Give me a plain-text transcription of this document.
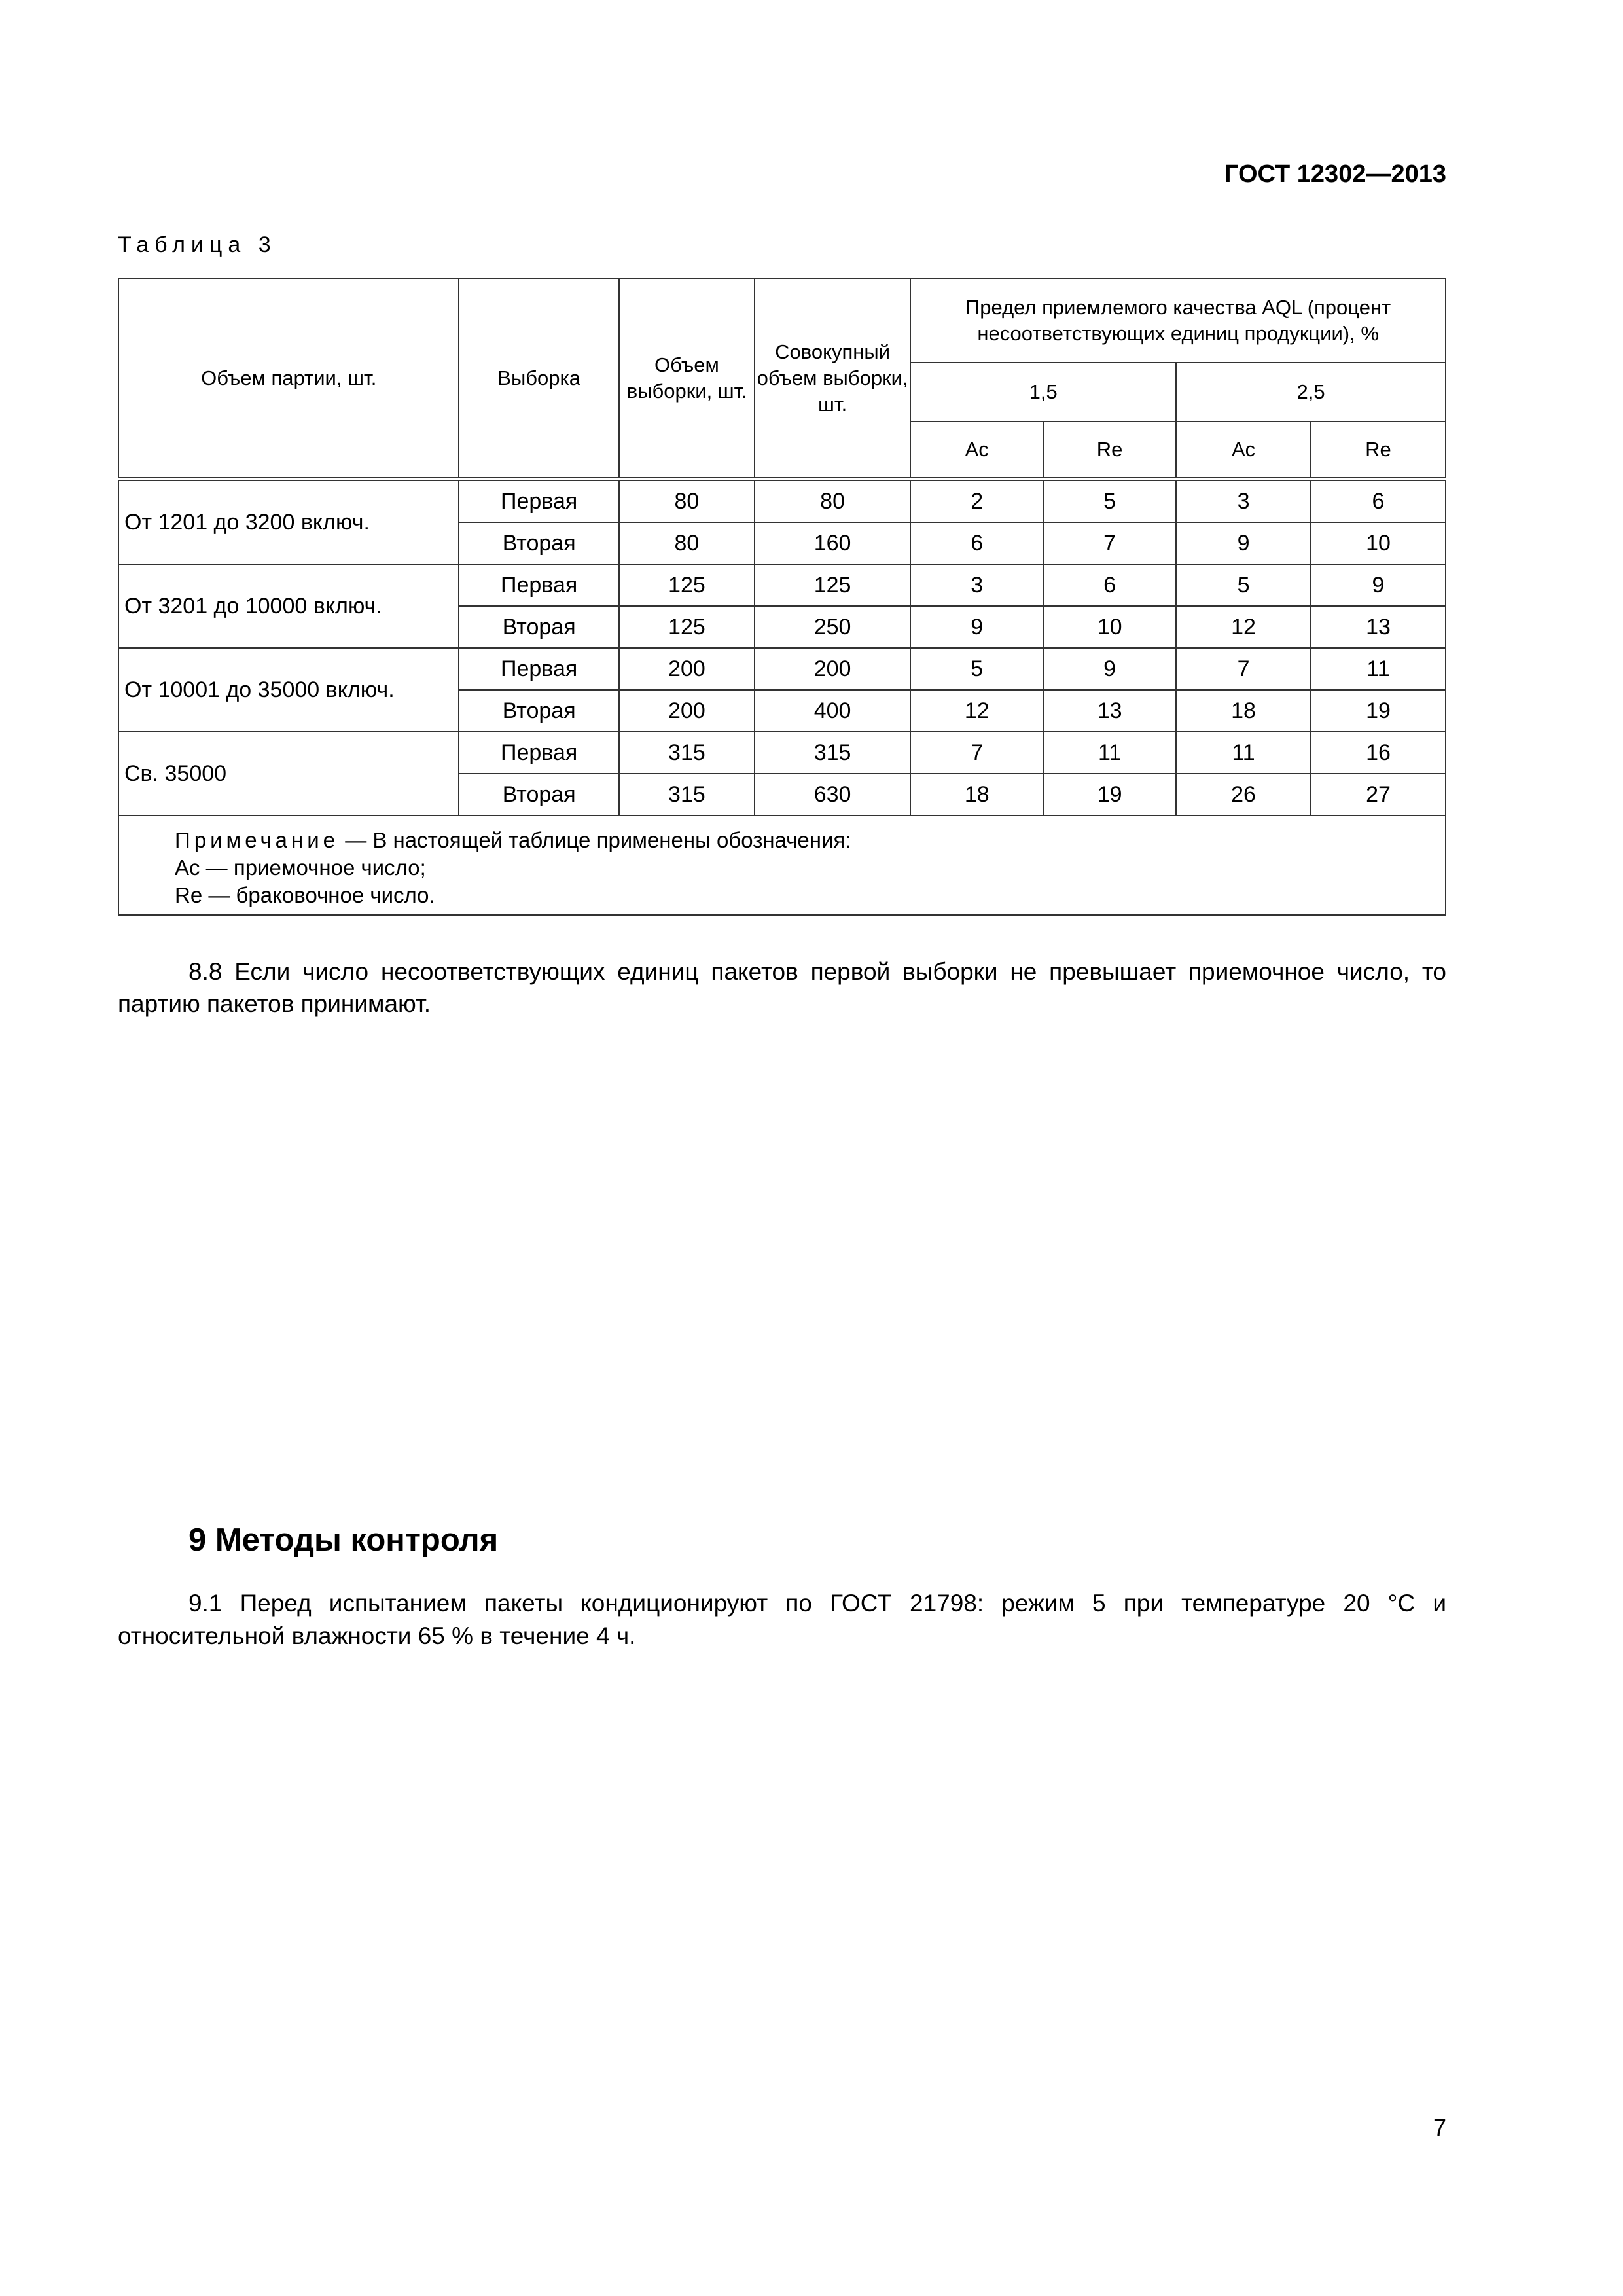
ГОСТ 12302—2013
Таблица 3
Объем партии, шт.	Выборка	Объем выборки, шт.	Совокупный объем выборки, шт.	Предел приемлемого качества AQL (процент несоответствующих единиц продукции), %			
				1,5		2,5	
				Ac	Re	Ac	Re
От 1201 до 3200 включ.	Первая	80	80	2	5	3	6
	Вторая	80	160	6	7	9	10
От 3201 до 10000 включ.	Первая	125	125	3	6	5	9
	Вторая	125	250	9	10	12	13
От 10001 до 35000 включ.	Первая	200	200	5	9	7	11
	Вторая	200	400	12	13	18	19
Св. 35000	Первая	315	315	7	11	11	16
	Вторая	315	630	18	19	26	27

Примечание — В настоящей таблице применены обозначения:
Ac — приемочное число;
Re — браковочное число.							

8.8 Если число несоответствующих единиц пакетов первой выборки не превышает приемочное число, то партию пакетов принимают.

9 Методы контроля

9.1 Перед испытанием пакеты кондиционируют по ГОСТ 21798: режим 5 при температуре 20 °С и относительной влажности 65 % в течение 4 ч.

7
